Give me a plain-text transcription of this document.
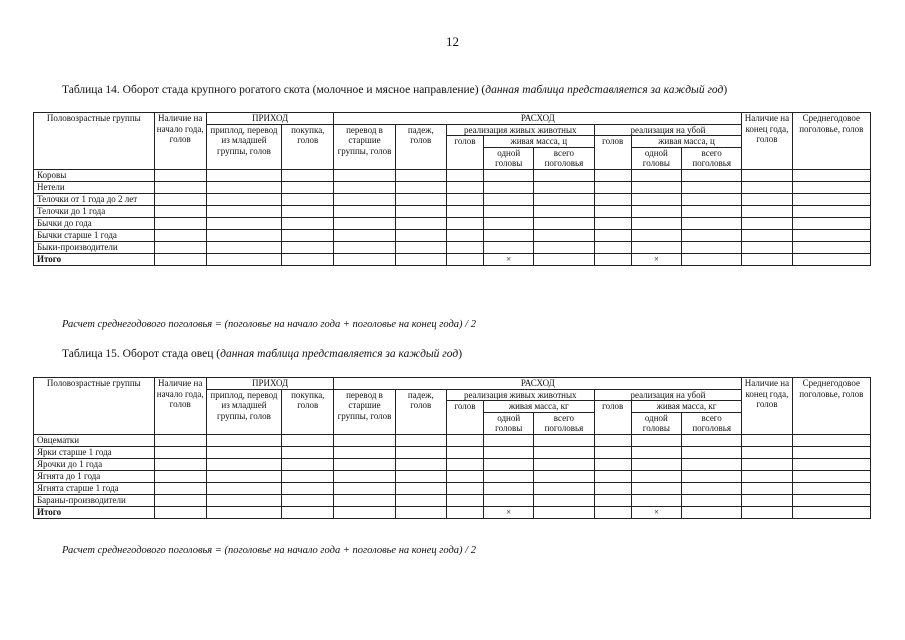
12
Таблица 14. Оборот стада крупного рогатого скота (молочное и мясное направление) (данная таблица представляется за каждый год)
Половозрастные группы	Наличие на начало года, голов	ПРИХОД		РАСХОД								Наличие на конец года, голов	Среднегодовое поголовье, голов
		приплод, перевод из младшей группы, голов	покупка, голов	перевод в старшие группы, голов	падеж, голов	реализация живых животных			реализация на убой				
						голов	живая масса, ц		голов	живая масса, ц			
							одной головы	всего поголовья		одной головы	всего поголовья		
Коровы													
Нетели													
Телочки от 1 года до 2 лет													
Телочки до 1 года													
Бычки до года													
Бычки старше 1 года													
Быки-производители													
Итого							×			×			
Расчет среднегодового поголовья = (поголовье на начало года + поголовье на конец года) / 2
Таблица 15. Оборот стада овец (данная таблица представляется за каждый год)
Половозрастные группы	Наличие на начало года, голов	ПРИХОД		РАСХОД								Наличие на конец года, голов	Среднегодовое поголовье, голов
		приплод, перевод из младшей группы, голов	покупка, голов	перевод в старшие группы, голов	падеж, голов	реализация живых животных			реализация на убой				
						голов	живая масса, кг		голов	живая масса, кг			
							одной головы	всего поголовья		одной головы	всего поголовья		
Овцематки													
Ярки старше 1 года													
Ярочки до 1 года													
Ягнята до 1 года													
Ягнята старше 1 года													
Бараны-производители													
Итого							×			×			
Расчет среднегодового поголовья = (поголовье на начало года + поголовье на конец года) / 2
